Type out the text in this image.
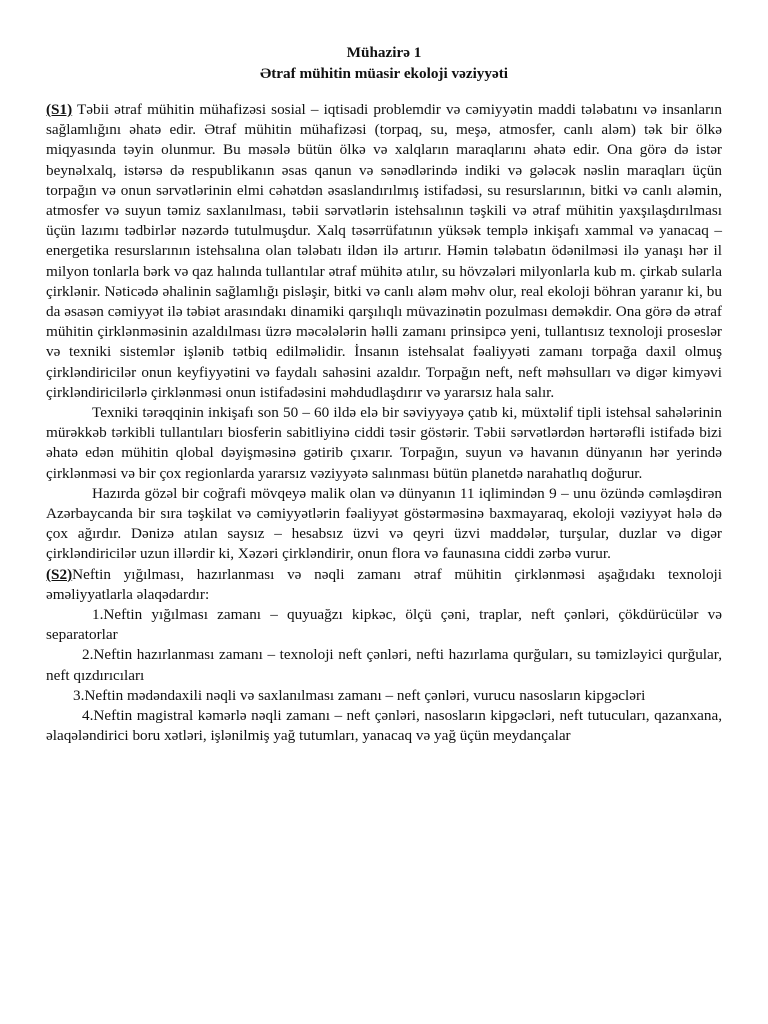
Mühazirə 1
Ətraf mühitin müasir ekoloji vəziyyəti

(S1) Təbii ətraf mühitin mühafizəsi sosial – iqtisadi problemdir və cəmiyyətin maddi tələbatını və insanların sağlamlığını əhatə edir. Ətraf mühitin mühafizəsi (torpaq, su, meşə, atmosfer, canlı aləm) tək bir ölkə miqyasında təyin olunmur. Bu məsələ bütün ölkə və xalqların maraqlarını əhatə edir. Ona görə də istər beynəlxalq, istərsə də respublikanın əsas qanun və sənədlərində indiki və gələcək nəslin maraqları üçün torpağın və onun sərvətlərinin elmi cəhətdən əsaslandırılmış istifadəsi, su resurslarının, bitki və canlı aləmin, atmosfer və suyun təmiz saxlanılması, təbii sərvətlərin istehsalının təşkili və ətraf mühitin yaxşılaşdırılması üçün lazımı tədbirlər nəzərdə tutulmuşdur. Xalq təsərrüfatının yüksək templə inkişafı xammal və yanacaq – energetika resurslarının istehsalına olan tələbatı ildən ilə artırır. Həmin tələbatın ödənilməsi ilə yanaşı hər il milyon tonlarla bərk və qaz halında tullantılar ətraf mühitə atılır, su hövzələri milyonlarla kub m. çirkab sularla çirklənir. Nəticədə əhalinin sağlamlığı pisləşir, bitki və canlı aləm məhv olur, real ekoloji böhran yaranır ki, bu da əsasən cəmiyyət ilə təbiət arasındakı dinamiki qarşılıqlı müvazinətin pozulması deməkdir. Ona görə də ətraf mühitin çirklənməsinin azaldılması üzrə məcələlərin həlli zamanı prinsipcə yeni, tullantısız texnoloji proseslər və texniki sistemlər işlənib tətbiq edilməlidir. İnsanın istehsalat fəaliyyəti zamanı torpağa daxil olmuş çirkləndiricilər onun keyfiyyətini və faydalı sahəsini azaldır. Torpağın neft, neft məhsulları və digər kimyəvi çirkləndiricilərlə çirklənməsi onun istifadəsini məhdudlaşdırır və yararsız hala salır.

Texniki tərəqqinin inkişafı son 50 – 60 ildə elə bir səviyyəyə çatıb ki, müxtəlif tipli istehsal sahələrinin mürəkkəb tərkibli tullantıları biosferin sabitliyinə ciddi təsir göstərir. Təbii sərvətlərdən hərtərəfli istifadə bizi əhatə edən mühitin qlobal dəyişməsinə gətirib çıxarır. Torpağın, suyun və havanın dünyanın hər yerində çirklənməsi və bir çox regionlarda yararsız vəziyyətə salınması bütün planetdə narahatlıq doğurur.

Hazırda gözəl bir coğrafi mövqeyə malik olan və dünyanın 11 iqlimindən 9 – unu özündə cəmləşdirən Azərbaycanda bir sıra təşkilat və cəmiyyətlərin fəaliyyət göstərməsinə baxmayaraq, ekoloji vəziyyət hələ də çox ağırdır. Dənizə atılan saysız – hesabsız üzvi və qeyri üzvi maddələr, turşular, duzlar və digər çirkləndiricilər uzun illərdir ki, Xəzəri çirkləndirir, onun flora və faunasına ciddi zərbə vurur.

(S2)Neftin yığılması, hazırlanması və nəqli zamanı ətraf mühitin çirklənməsi aşağıdakı texnoloji əməliyyatlarla əlaqədardır:

1.Neftin yığılması zamanı – quyuağzı kipkəc, ölçü çəni, traplar, neft çənləri, çökdürücülər və separatorlar

2.Neftin hazırlanması zamanı – texnoloji neft çənləri, nefti hazırlama qurğuları, su təmizləyici qurğular, neft qızdırıcıları

3.Neftin mədəndaxili nəqli və saxlanılması zamanı – neft çənləri, vurucu nasosların kipgəcləri

4.Neftin magistral kəmərlə nəqli zamanı – neft çənləri, nasosların kipgəcləri, neft tutucuları, qazanxana, əlaqələndirici boru xətləri, işlənilmiş yağ tutumları, yanacaq və yağ üçün meydançalar
